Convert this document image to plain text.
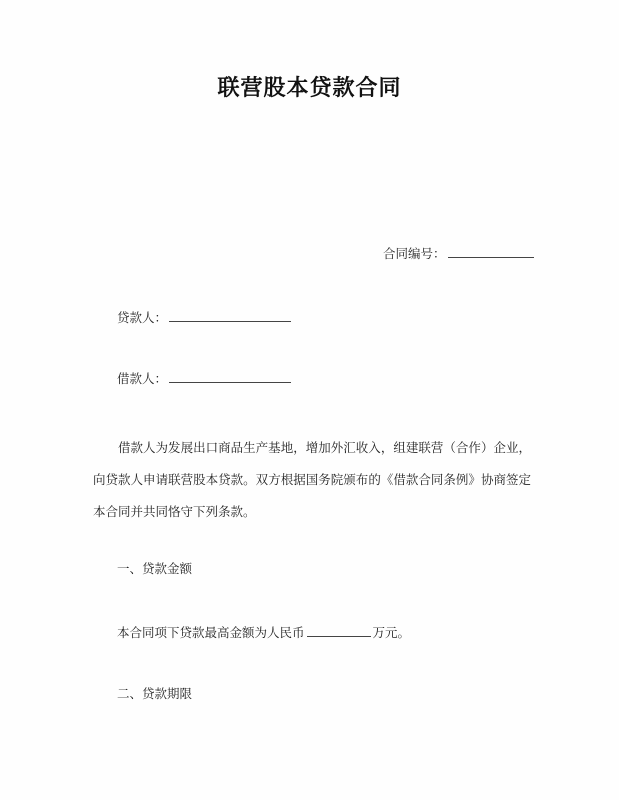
联营股本贷款合同
合同编号：
贷款人：
借款人：
借款人为发展出口商品生产基地，增加外汇收入，组建联营（合作）企业，向贷款人申请联营股本贷款。双方根据国务院颁布的《借款合同条例》协商签定本合同并共同恪守下列条款。
一、贷款金额
本合同项下贷款最高金额为人民币	万元。
二、贷款期限
